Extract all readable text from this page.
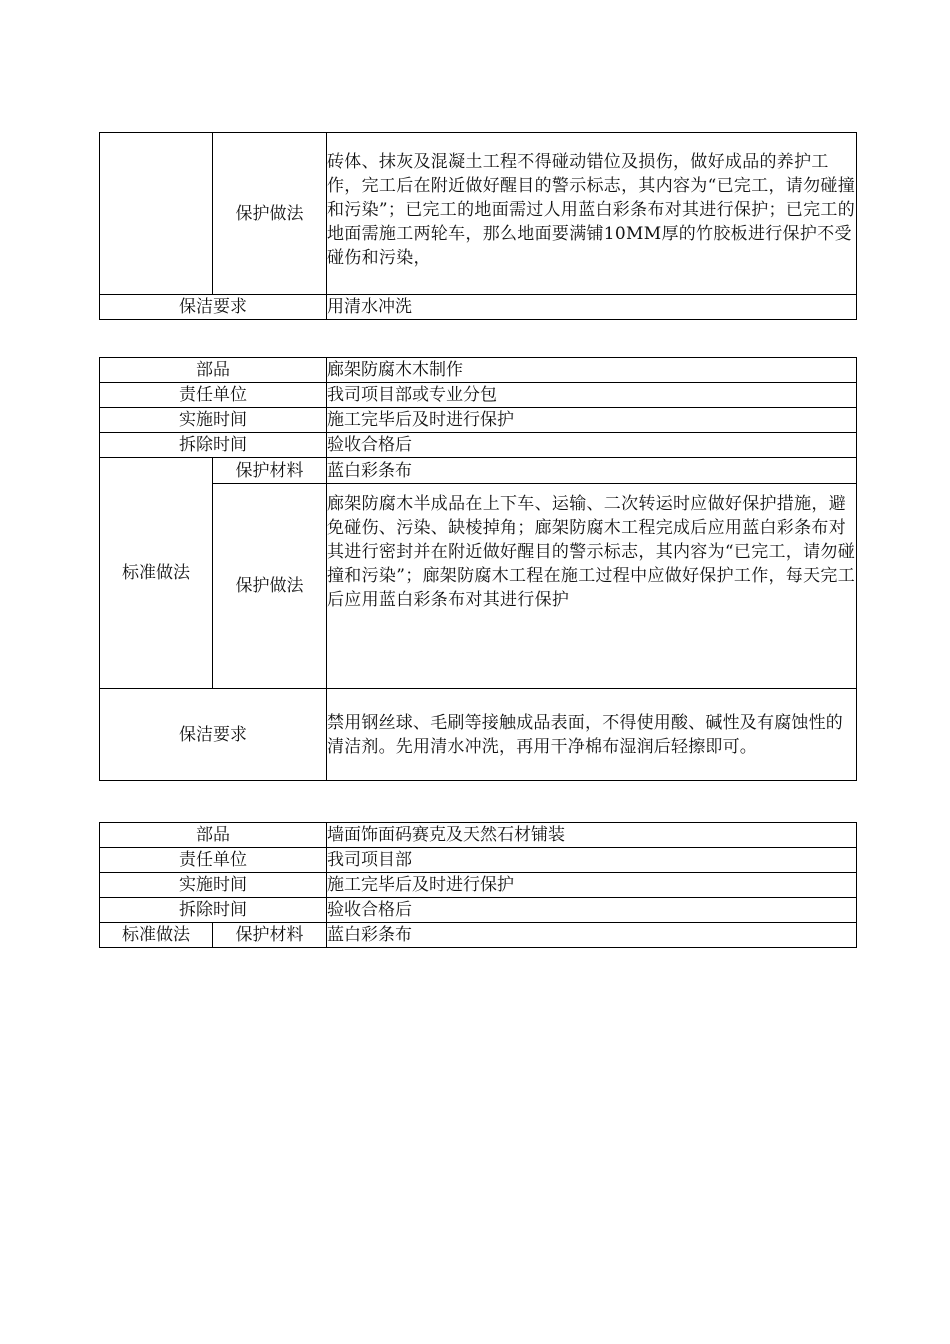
	保护做法	砖体、抹灰及混凝土工程不得碰动错位及损伤，做好成品的养护工作，完工后在附近做好醒目的警示标志，其内容为“已完工，请勿碰撞和污染”；已完工的地面需过人用蓝白彩条布对其进行保护；已完工的地面需施工两轮车，那么地面要满铺10MM厚的竹胶板进行保护不受碰伤和污染，

保洁要求		用清水冲洗
部品		廊架防腐木木制作
责任单位		我司项目部或专业分包
实施时间		施工完毕后及时进行保护
拆除时间		验收合格后
标准做法	保护材料	蓝白彩条布
	保护做法	廊架防腐木半成品在上下车、运输、二次转运时应做好保护措施，避免碰伤、污染、缺棱掉角；廊架防腐木工程完成后应用蓝白彩条布对其进行密封并在附近做好醒目的警示标志，其内容为“已完工，请勿碰撞和污染”；廊架防腐木工程在施工过程中应做好保护工作，每天完工后应用蓝白彩条布对其进行保护

保洁要求		禁用钢丝球、毛刷等接触成品表面，不得使用酸、碱性及有腐蚀性的清洁剂。先用清水冲洗，再用干净棉布湿润后轻擦即可。
部品		墙面饰面码赛克及天然石材铺装
责任单位		我司项目部
实施时间		施工完毕后及时进行保护
拆除时间		验收合格后
标准做法	保护材料	蓝白彩条布
